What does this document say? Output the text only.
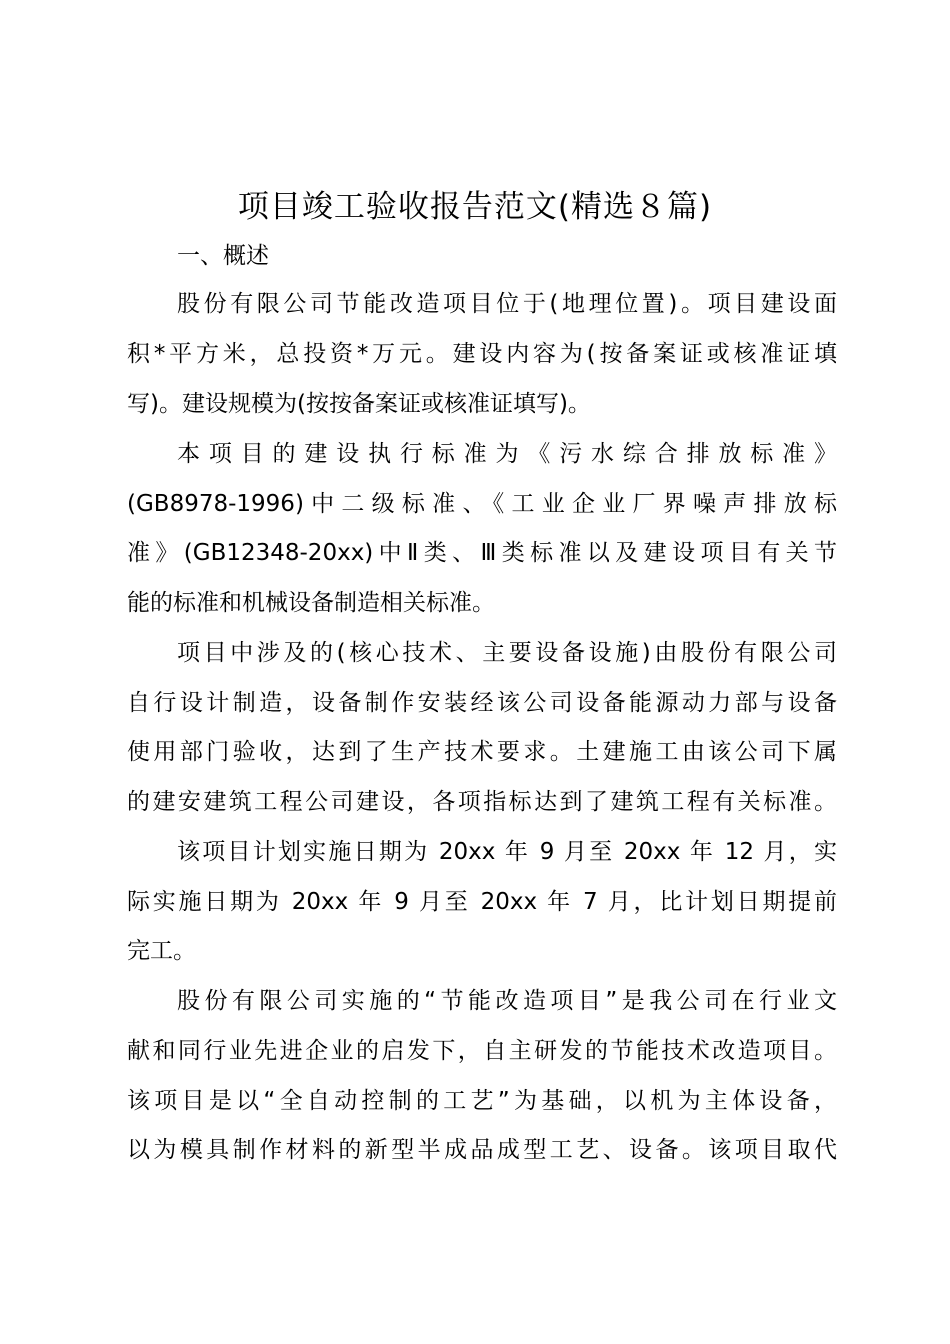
项目竣工验收报告范文(精选８篇)
一、概述
股份有限公司节能改造项目位于(地理位置)。项目建设面
积*平方米，总投资*万元。建设内容为(按备案证或核准证填
写)。建设规模为(按按备案证或核准证填写)。
本项目的建设执行标准为《污水综合排放标准》
(GB8978-1996)中二级标准、《工业企业厂界噪声排放标
准》(GB12348-20xx)中Ⅱ类、Ⅲ类标准以及建设项目有关节
能的标准和机械设备制造相关标准。
项目中涉及的(核心技术、主要设备设施)由股份有限公司
自行设计制造，设备制作安装经该公司设备能源动力部与设备
使用部门验收，达到了生产技术要求。土建施工由该公司下属
的建安建筑工程公司建设，各项指标达到了建筑工程有关标准。
该项目计划实施日期为 20xx 年 9 月至 20xx 年 12 月，实
际实施日期为 20xx 年 9 月至 20xx 年 7 月，比计划日期提前
完工。
股份有限公司实施的“节能改造项目”是我公司在行业文
献和同行业先进企业的启发下，自主研发的节能技术改造项目。
该项目是以“全自动控制的工艺”为基础，以机为主体设备，
以为模具制作材料的新型半成品成型工艺、设备。该项目取代
